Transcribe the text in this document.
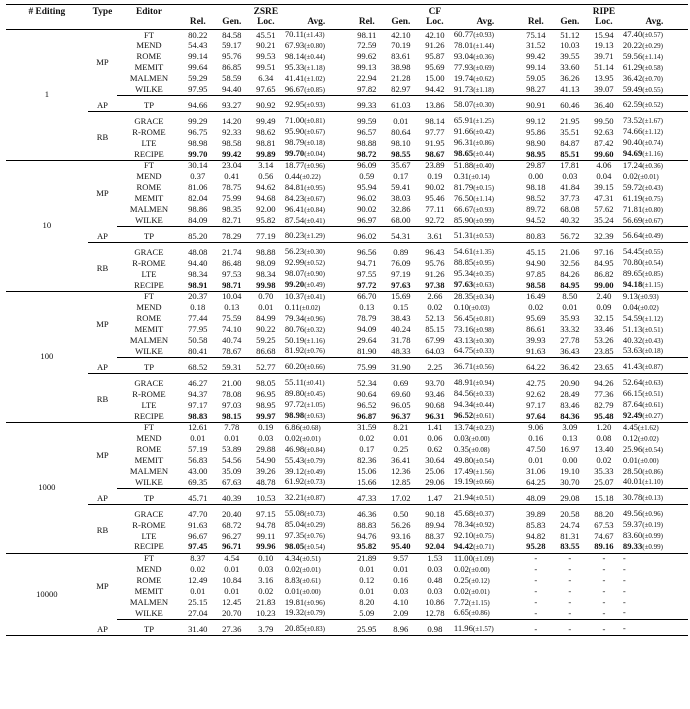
# Editing	Type	Editor			ZSRE				CF				RIPE	
			Rel.	Gen.	Loc.	Avg.	Rel.	Gen.	Loc.	Avg.	Rel.	Gen.	Loc.	Avg.
1	MP	FT	80.22	84.58	45.51	70.11(±1.43)	98.11	42.10	42.10	60.77(±0.93)	75.14	51.12	15.94	47.40(±0.57)
		MEND	54.43	59.17	90.21	67.93(±0.80)	72.59	70.19	91.26	78.01(±1.44)	31.52	10.03	19.13	20.22(±0.29)
		ROME	99.14	95.76	99.53	98.14(±0.44)	99.62	83.61	95.87	93.04(±0.36)	99.42	39.55	39.71	59.56(±1.14)
		MEMIT	99.64	86.85	99.51	95.33(±1.18)	99.13	38.98	95.69	77.93(±0.69)	99.14	33.60	51.14	61.29(±0.58)
		MALMEN	59.29	58.59	6.34	41.41(±1.02)	22.94	21.28	15.00	19.74(±0.62)	59.05	36.26	13.95	36.42(±0.70)
		WILKE	97.95	94.40	97.65	96.67(±0.85)	97.82	82.97	94.42	91.73(±1.18)	98.27	41.13	39.07	59.49(±0.55)

	AP	TP	94.66	93.27	90.92	92.95(±0.93)	99.33	61.03	13.86	58.07(±0.30)	90.91	60.46	36.40	62.59(±0.52)

	RB	GRACE	99.29	14.20	99.49	71.00(±0.81)	99.59	0.01	98.14	65.91(±1.25)	99.12	21.95	99.50	73.52(±1.67)
		R-ROME	96.75	92.33	98.62	95.90(±0.67)	96.57	80.64	97.77	91.66(±0.42)	95.86	35.51	92.63	74.66(±1.12)
		LTE	98.98	98.58	98.81	98.79(±0.18)	98.88	98.10	91.95	96.31(±0.86)	98.90	84.87	87.42	90.40(±0.74)
		RECIPE	99.70	99.42	99.89	99.70(±0.04)	98.72	98.55	98.67	98.65(±0.44)	98.95	85.51	99.60	94.69(±1.16)
10	MP	FT	30.14	23.04	3.14	18.77(±0.96)	96.09	35.67	23.89	51.88(±0.40)	29.87	17.81	4.06	17.24(±0.36)
		MEND	0.37	0.41	0.56	0.44(±0.22)	0.59	0.17	0.19	0.31(±0.14)	0.00	0.03	0.04	0.02(±0.01)
		ROME	81.06	78.75	94.62	84.81(±0.95)	95.94	59.41	90.02	81.79(±0.15)	98.18	41.84	39.15	59.72(±0.43)
		MEMIT	82.04	75.99	94.68	84.23(±0.67)	96.02	38.03	95.46	76.50(±1.14)	98.52	37.73	47.31	61.19(±0.75)
		MALMEN	98.86	98.35	92.00	96.41(±0.84)	90.02	32.86	77.11	66.67(±0.93)	89.72	68.08	57.62	71.81(±0.80)
		WILKE	84.09	82.71	95.82	87.54(±0.41)	96.97	68.00	92.72	85.90(±0.99)	94.52	40.32	35.24	56.69(±0.67)

	AP	TP	85.20	78.29	77.19	80.23(±1.29)	96.02	54.31	3.61	51.31(±0.53)	80.83	56.72	32.39	56.64(±0.49)

	RB	GRACE	48.08	21.74	98.88	56.23(±0.30)	96.56	0.89	96.43	54.61(±1.35)	45.15	21.06	97.16	54.45(±0.55)
		R-ROME	94.40	86.48	98.09	92.99(±0.52)	94.71	76.09	95.76	88.85(±0.95)	94.90	32.56	84.95	70.80(±0.54)
		LTE	98.34	97.53	98.34	98.07(±0.90)	97.55	97.19	91.26	95.34(±0.35)	97.85	84.26	86.82	89.65(±0.85)
		RECIPE	98.91	98.71	99.98	99.20(±0.49)	97.72	97.63	97.38	97.63(±0.63)	98.58	84.95	99.00	94.18(±1.15)
100	MP	FT	20.37	10.04	0.70	10.37(±0.41)	66.70	15.69	2.66	28.35(±0.34)	16.49	8.50	2.40	9.13(±0.93)
		MEND	0.18	0.13	0.01	0.11(±0.02)	0.13	0.15	0.02	0.10(±0.03)	0.02	0.01	0.09	0.04(±0.02)
		ROME	77.44	75.59	84.99	79.34(±0.96)	78.79	38.43	52.13	56.45(±0.81)	95.69	35.93	32.15	54.59(±1.12)
		MEMIT	77.95	74.10	90.22	80.76(±0.32)	94.09	40.24	85.15	73.16(±0.98)	86.61	33.32	33.46	51.13(±0.51)
		MALMEN	50.58	40.74	59.25	50.19(±1.16)	29.64	31.78	67.99	43.13(±0.30)	39.93	27.78	53.26	40.32(±0.43)
		WILKE	80.41	78.67	86.68	81.92(±0.76)	81.90	48.33	64.03	64.75(±0.33)	91.63	36.43	23.85	53.63(±0.18)

	AP	TP	68.52	59.31	52.77	60.20(±0.66)	75.99	31.90	2.25	36.71(±0.56)	64.22	36.42	23.65	41.43(±0.87)

	RB	GRACE	46.27	21.00	98.05	55.11(±0.41)	52.34	0.69	93.70	48.91(±0.94)	42.75	20.90	94.26	52.64(±0.63)
		R-ROME	94.37	78.08	96.95	89.80(±0.45)	90.64	69.60	93.46	84.56(±0.33)	92.62	28.49	77.36	66.15(±0.51)
		LTE	97.17	97.03	98.95	97.72(±1.05)	96.52	96.05	90.68	94.34(±0.44)	97.17	83.46	82.79	87.64(±0.61)
		RECIPE	98.83	98.15	99.97	98.98(±0.63)	96.87	96.37	96.31	96.52(±0.61)	97.64	84.36	95.48	92.49(±0.27)
1000	MP	FT	12.61	7.78	0.19	6.86(±0.68)	31.59	8.21	1.41	13.74(±0.23)	9.06	3.09	1.20	4.45(±1.62)
		MEND	0.01	0.01	0.03	0.02(±0.01)	0.02	0.01	0.06	0.03(±0.00)	0.16	0.13	0.08	0.12(±0.02)
		ROME	57.19	53.89	29.88	46.98(±0.84)	0.17	0.25	0.62	0.35(±0.08)	47.50	16.97	13.40	25.96(±0.54)
		MEMIT	56.83	54.56	54.90	55.43(±0.79)	82.36	36.41	30.64	49.80(±0.54)	0.01	0.00	0.02	0.01(±0.00)
		MALMEN	43.00	35.09	39.26	39.12(±0.49)	15.06	12.36	25.06	17.49(±1.56)	31.06	19.10	35.33	28.50(±0.86)
		WILKE	69.35	67.63	48.78	61.92(±0.73)	15.66	12.85	29.06	19.19(±0.66)	64.25	30.70	25.07	40.01(±1.10)

	AP	TP	45.71	40.39	10.53	32.21(±0.87)	47.33	17.02	1.47	21.94(±0.51)	48.09	29.08	15.18	30.78(±0.13)

	RB	GRACE	47.70	20.40	97.15	55.08(±0.73)	46.36	0.50	90.18	45.68(±0.37)	39.89	20.58	88.20	49.56(±0.96)
		R-ROME	91.63	68.72	94.78	85.04(±0.29)	88.83	56.26	89.94	78.34(±0.92)	85.83	24.74	67.53	59.37(±0.19)
		LTE	96.67	96.27	99.11	97.35(±0.76)	94.76	93.16	88.37	92.10(±0.75)	94.82	81.31	74.67	83.60(±0.99)
		RECIPE	97.45	96.71	99.96	98.05(±0.54)	95.82	95.40	92.04	94.42(±0.71)	95.28	83.55	89.16	89.33(±0.99)
10000	MP	FT	8.37	4.54	0.10	4.34(±0.51)	21.89	9.57	1.53	11.00(±1.09)	-	-	-	-
		MEND	0.02	0.01	0.03	0.02(±0.01)	0.01	0.01	0.03	0.02(±0.00)	-	-	-	-
		ROME	12.49	10.84	3.16	8.83(±0.61)	0.12	0.16	0.48	0.25(±0.12)	-	-	-	-
		MEMIT	0.01	0.01	0.02	0.01(±0.00)	0.01	0.03	0.03	0.02(±0.01)	-	-	-	-
		MALMEN	25.15	12.45	21.83	19.81(±0.96)	8.20	4.10	10.86	7.72(±1.15)	-	-	-	-
		WILKE	27.04	20.70	10.23	19.32(±0.79)	5.09	2.09	12.78	6.65(±0.86)	-	-	-	-

	AP	TP	31.40	27.36	3.79	20.85(±0.83)	25.95	8.96	0.98	11.96(±1.57)	-	-	-	-
